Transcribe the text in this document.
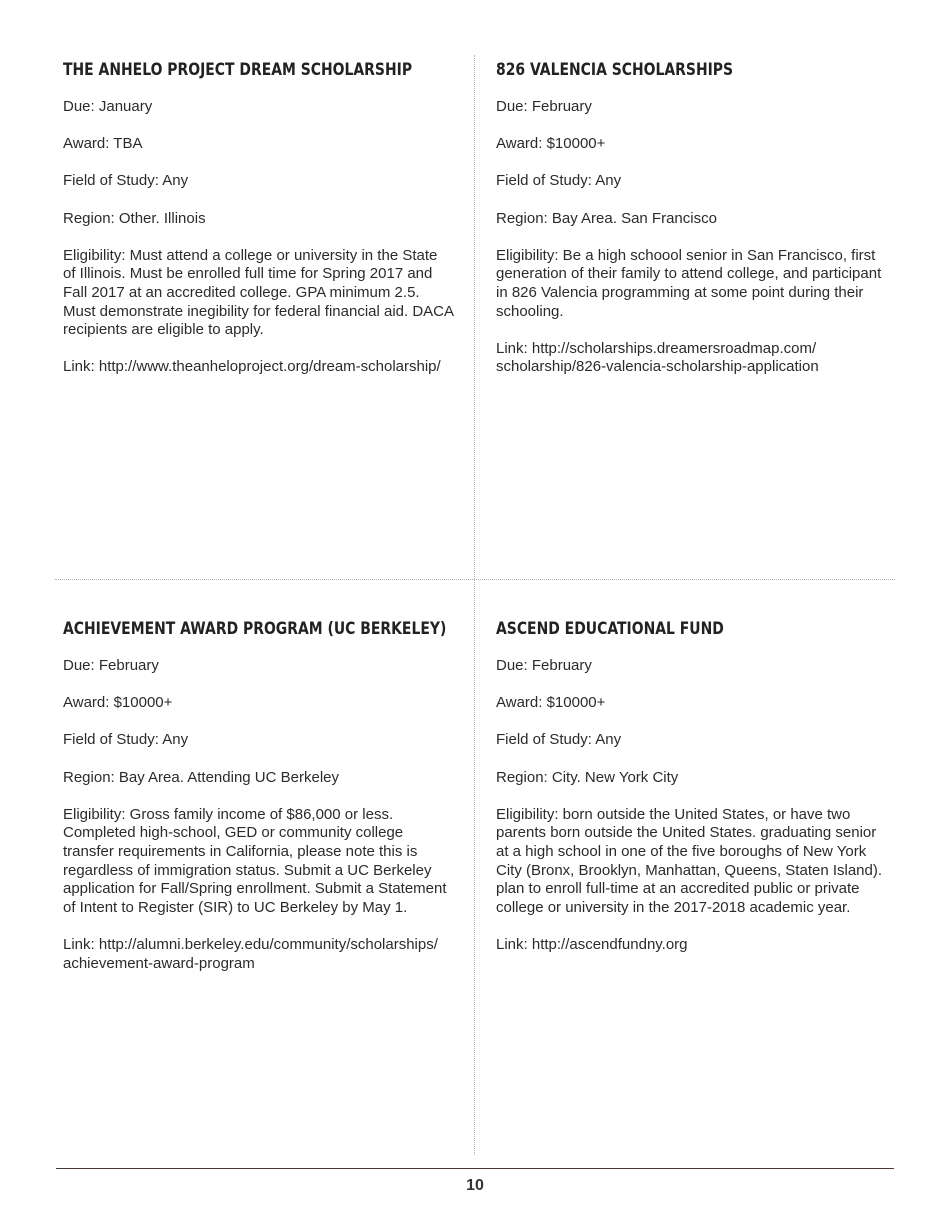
THE ANHELO PROJECT DREAM SCHOLARSHIP

Due: January

Award: TBA

Field of Study: Any

Region: Other. Illinois

Eligibility: Must attend a college or university in the State

of Illinois. Must be enrolled full time for Spring 2017 and

Fall 2017 at an accredited college. GPA minimum 2.5.

Must demonstrate inegibility for federal financial aid. DACA

recipients are eligible to apply.

Link: http://www.theanheloproject.org/dream-scholarship/

826 VALENCIA SCHOLARSHIPS

Due: February

Award: $10000+

Field of Study: Any

Region: Bay Area. San Francisco

Eligibility: Be a high schoool senior in San Francisco, first

generation of their family to attend college, and participant

in 826 Valencia programming at some point during their

schooling.

Link: http://scholarships.dreamersroadmap.com/

scholarship/826-valencia-scholarship-application

ACHIEVEMENT AWARD PROGRAM (UC BERKELEY)

Due: February

Award: $10000+

Field of Study: Any

Region: Bay Area. Attending UC Berkeley

Eligibility: Gross family income of $86,000 or less.

Completed high-school, GED or community college

transfer requirements in California, please note this is

regardless of immigration status. Submit a UC Berkeley

application for Fall/Spring enrollment. Submit a Statement

of Intent to Register (SIR) to UC Berkeley by May 1.

Link: http://alumni.berkeley.edu/community/scholarships/

achievement-award-program

ASCEND EDUCATIONAL FUND

Due: February

Award: $10000+

Field of Study: Any

Region: City. New York City

Eligibility: born outside the United States, or have two

parents born outside the United States. graduating senior

at a high school in one of the five boroughs of New York

City (Bronx, Brooklyn, Manhattan, Queens, Staten Island).

plan to enroll full-time at an accredited public or private

college or university in the 2017-2018 academic year.

Link: http://ascendfundny.org

10
